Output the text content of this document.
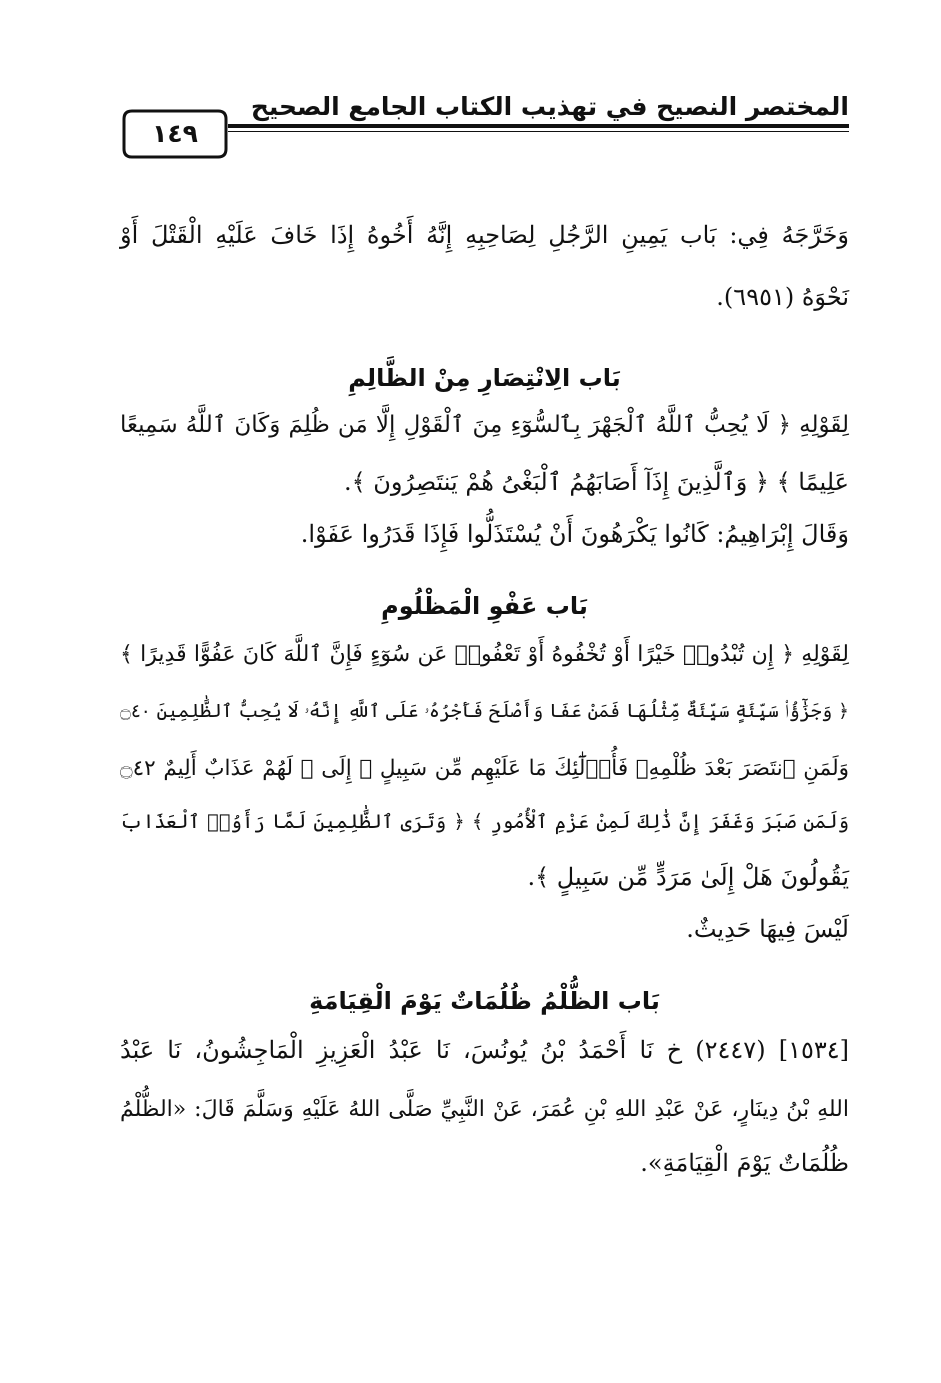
المختصر النصيح في تهذيب الكتاب الجامع الصحيح
١٤٩
وَخَرَّجَهُ فِي: بَاب يَمِينِ الرَّجُلِ لِصَاحِبِهِ إِنَّهُ أَخُوهُ إِذَا خَافَ عَلَيْهِ الْقَتْلَ أَوْ
نَحْوَهُ (٦٩٥١).
بَاب الِانْتِصَارِ مِنْ الظَّالِمِ
لِقَوْلِهِ ﴿ لَا يُحِبُّ ٱللَّهُ ٱلْجَهْرَ بِٱلسُّوٓءِ مِنَ ٱلْقَوْلِ إِلَّا مَن ظُلِمَ وَكَانَ ٱللَّهُ سَمِيعًا
عَلِيمًا ﴾ ﴿ وَٱلَّذِينَ إِذَآ أَصَابَهُمُ ٱلْبَغْىُ هُمْ يَنتَصِرُونَ ﴾.
وَقَالَ إِبْرَاهِيمُ: كَانُوا يَكْرَهُونَ أَنْ يُسْتَذَلُّوا فَإِذَا قَدَرُوا عَفَوْا.
بَاب عَفْوِ الْمَظْلُومِ
لِقَوْلِهِ ﴿ إِن تُبْدُوا۟ خَيْرًا أَوْ تُخْفُوهُ أَوْ تَعْفُوا۟ عَن سُوٓءٍ فَإِنَّ ٱللَّهَ كَانَ عَفُوًّا قَدِيرًا ﴾
﴿ وَجَزَٰٓؤُا۟ سَيِّئَةٍ سَيِّئَةٌ مِّثْلُهَا فَمَنْ عَفَا وَأَصْلَحَ فَأَجْرُهُۥ عَلَى ٱللَّهِ إِنَّهُۥ لَا يُحِبُّ ٱلظَّٰلِمِينَ ۝٤٠
وَلَمَنِ ٱنتَصَرَ بَعْدَ ظُلْمِهِۦ فَأُو۟لَٰٓئِكَ مَا عَلَيْهِم مِّن سَبِيلٍ ﴾ إِلَى ﴿ لَهُمْ عَذَابٌ أَلِيمٌ ۝٤٢
وَلَمَن صَبَرَ وَغَفَرَ إِنَّ ذَٰلِكَ لَمِنْ عَزْمِ ٱلْأُمُورِ ﴾ ﴿ وَتَرَى ٱلظَّٰلِمِينَ لَمَّا رَأَوُا۟ ٱلْعَذَابَ
يَقُولُونَ هَلْ إِلَىٰ مَرَدٍّ مِّن سَبِيلٍ ﴾.
لَيْسَ فِيهَا حَدِيثٌ.
بَاب الظُّلْمُ ظُلُمَاتٌ يَوْمَ الْقِيَامَةِ
[١٥٣٤] (٢٤٤٧) خ نَا أَحْمَدُ بْنُ يُونُسَ، نَا عَبْدُ الْعَزِيزِ الْمَاجِشُونُ، نَا عَبْدُ
اللهِ بْنُ دِينَارٍ، عَنْ عَبْدِ اللهِ بْنِ عُمَرَ، عَنْ النَّبِيِّ صَلَّى اللهُ عَلَيْهِ وَسَلَّمَ قَالَ: «الظُّلْمُ
ظُلُمَاتٌ يَوْمَ الْقِيَامَةِ».
